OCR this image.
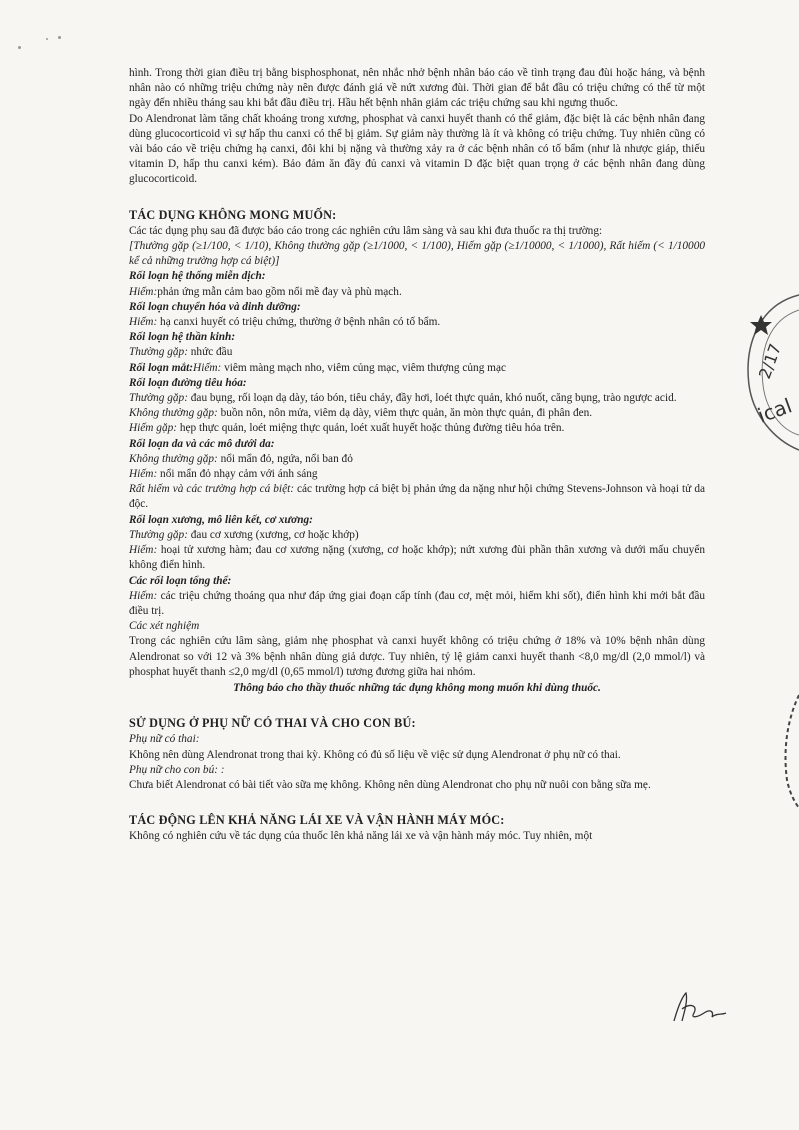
hình. Trong thời gian điều trị bằng bisphosphonat, nên nhắc nhở bệnh nhân báo cáo về tình trạng đau đùi hoặc háng, và bệnh nhân nào có những triệu chứng này nên được đánh giá về nứt xương đùi. Thời gian để bắt đầu có triệu chứng có thể từ một ngày đến nhiều tháng sau khi bắt đầu điều trị. Hầu hết bệnh nhân giảm các triệu chứng sau khi ngưng thuốc.

Do Alendronat làm tăng chất khoáng trong xương, phosphat và canxi huyết thanh có thể giảm, đặc biệt là các bệnh nhân đang dùng glucocorticoid vì sự hấp thu canxi có thể bị giảm. Sự giảm này thường là ít và không có triệu chứng. Tuy nhiên cũng có vài báo cáo về triệu chứng hạ canxi, đôi khi bị nặng và thường xảy ra ở các bệnh nhân có tố bẩm (như là nhược giáp, thiếu vitamin D, hấp thu canxi kém). Bảo đảm ăn đầy đủ canxi và vitamin D đặc biệt quan trọng ở các bệnh nhân đang dùng glucocorticoid.

TÁC DỤNG KHÔNG MONG MUỐN:

Các tác dụng phụ sau đã được báo cáo trong các nghiên cứu lâm sàng và sau khi đưa thuốc ra thị trường:

[Thường gặp (≥1/100, < 1/10), Không thường gặp (≥1/1000, < 1/100), Hiếm gặp (≥1/10000, < 1/1000), Rất hiếm (< 1/10000 kể cả những trường hợp cá biệt)]

Rối loạn hệ thống miễn dịch:

Hiếm:phản ứng mẫn cảm bao gồm nổi mề đay và phù mạch.

Rối loạn chuyển hóa và dinh dưỡng:

Hiếm: hạ canxi huyết có triệu chứng, thường ở bệnh nhân có tố bẩm.

Rối loạn hệ thần kinh:

Thường gặp: nhức đầu

Rối loạn mắt:Hiếm: viêm màng mạch nho, viêm củng mạc, viêm thượng củng mạc

Rối loạn đường tiêu hóa:

Thường gặp: đau bụng, rối loạn dạ dày, táo bón, tiêu chảy, đầy hơi, loét thực quản, khó nuốt, căng bụng, trào ngược acid.

Không thường gặp: buồn nôn, nôn mửa, viêm dạ dày, viêm thực quản, ăn mòn thực quản, đi phân đen.

Hiếm gặp: hẹp thực quản, loét miệng thực quản, loét xuất huyết hoặc thủng đường tiêu hóa trên.

Rối loạn da và các mô dưới da:

Không thường gặp: nổi mẩn đỏ, ngứa, nổi ban đỏ

Hiếm: nổi mẩn đỏ nhạy cảm với ánh sáng

Rất hiếm và các trường hợp cá biệt: các trường hợp cá biệt bị phản ứng da nặng như hội chứng Stevens-Johnson và hoại tử da độc.

Rối loạn xương, mô liên kết, cơ xương:

Thường gặp: đau cơ xương (xương, cơ hoặc khớp)

Hiếm: hoại tử xương hàm; đau cơ xương nặng (xương, cơ hoặc khớp); nứt xương đùi phần thân xương và dưới mấu chuyển không điển hình.

Các rối loạn tổng thể:

Hiếm: các triệu chứng thoáng qua như đáp ứng giai đoạn cấp tính (đau cơ, mệt mỏi, hiếm khi sốt), điển hình khi mới bắt đầu điều trị.

Các xét nghiệm

Trong các nghiên cứu lâm sàng, giảm nhẹ phosphat và canxi huyết không có triệu chứng ở 18% và 10% bệnh nhân dùng Alendronat so với 12 và 3% bệnh nhân dùng giả dược. Tuy nhiên, tỷ lệ giảm canxi huyết thanh <8,0 mg/dl (2,0 mmol/l) và phosphat huyết thanh ≤2,0 mg/dl (0,65 mmol/l) tương đương giữa hai nhóm.

Thông báo cho thầy thuốc những tác dụng không mong muốn khi dùng thuốc.

SỬ DỤNG Ở PHỤ NỮ CÓ THAI VÀ CHO CON BÚ:

Phụ nữ có thai:

Không nên dùng Alendronat trong thai kỳ. Không có đủ số liệu về việc sử dụng Alendronat ở phụ nữ có thai.

Phụ nữ cho con bú: :

Chưa biết Alendronat có bài tiết vào sữa mẹ không. Không nên dùng Alendronat cho phụ nữ nuôi con bằng sữa mẹ.

TÁC ĐỘNG LÊN KHẢ NĂNG LÁI XE VÀ VẬN HÀNH MÁY MÓC:

Không có nghiên cứu về tác dụng của thuốc lên khả năng lái xe và vận hành máy móc. Tuy nhiên, một

2/17
ical
